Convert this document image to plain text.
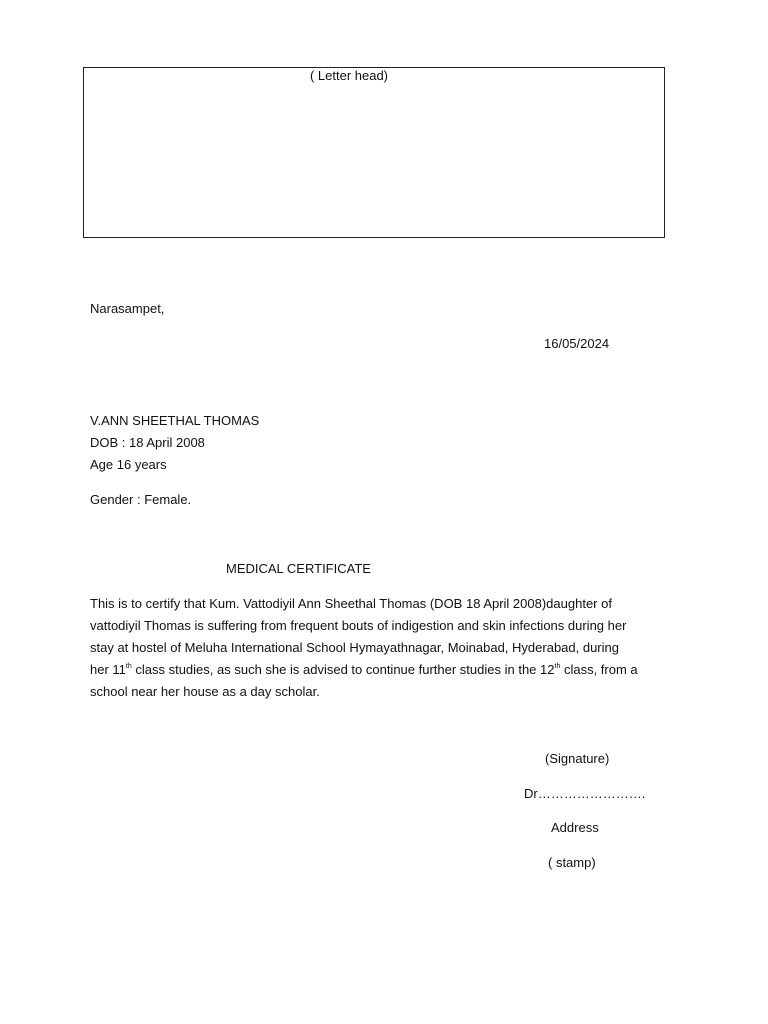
( Letter head)
Narasampet,
16/05/2024
V.ANN SHEETHAL THOMAS
DOB : 18 April 2008
Age 16 years
Gender : Female.
MEDICAL CERTIFICATE
This is to certify that Kum. Vattodiyil Ann Sheethal Thomas (DOB 18 April 2008)daughter of
vattodiyil Thomas is suffering from frequent bouts of indigestion and skin infections during her
stay at hostel of Meluha International School Hymayathnagar, Moinabad, Hyderabad, during
her 11th class studies, as such she is advised to continue further studies in the 12th class, from a
school near her house as a day scholar.
(Signature)
Dr…………………….
Address
( stamp)
